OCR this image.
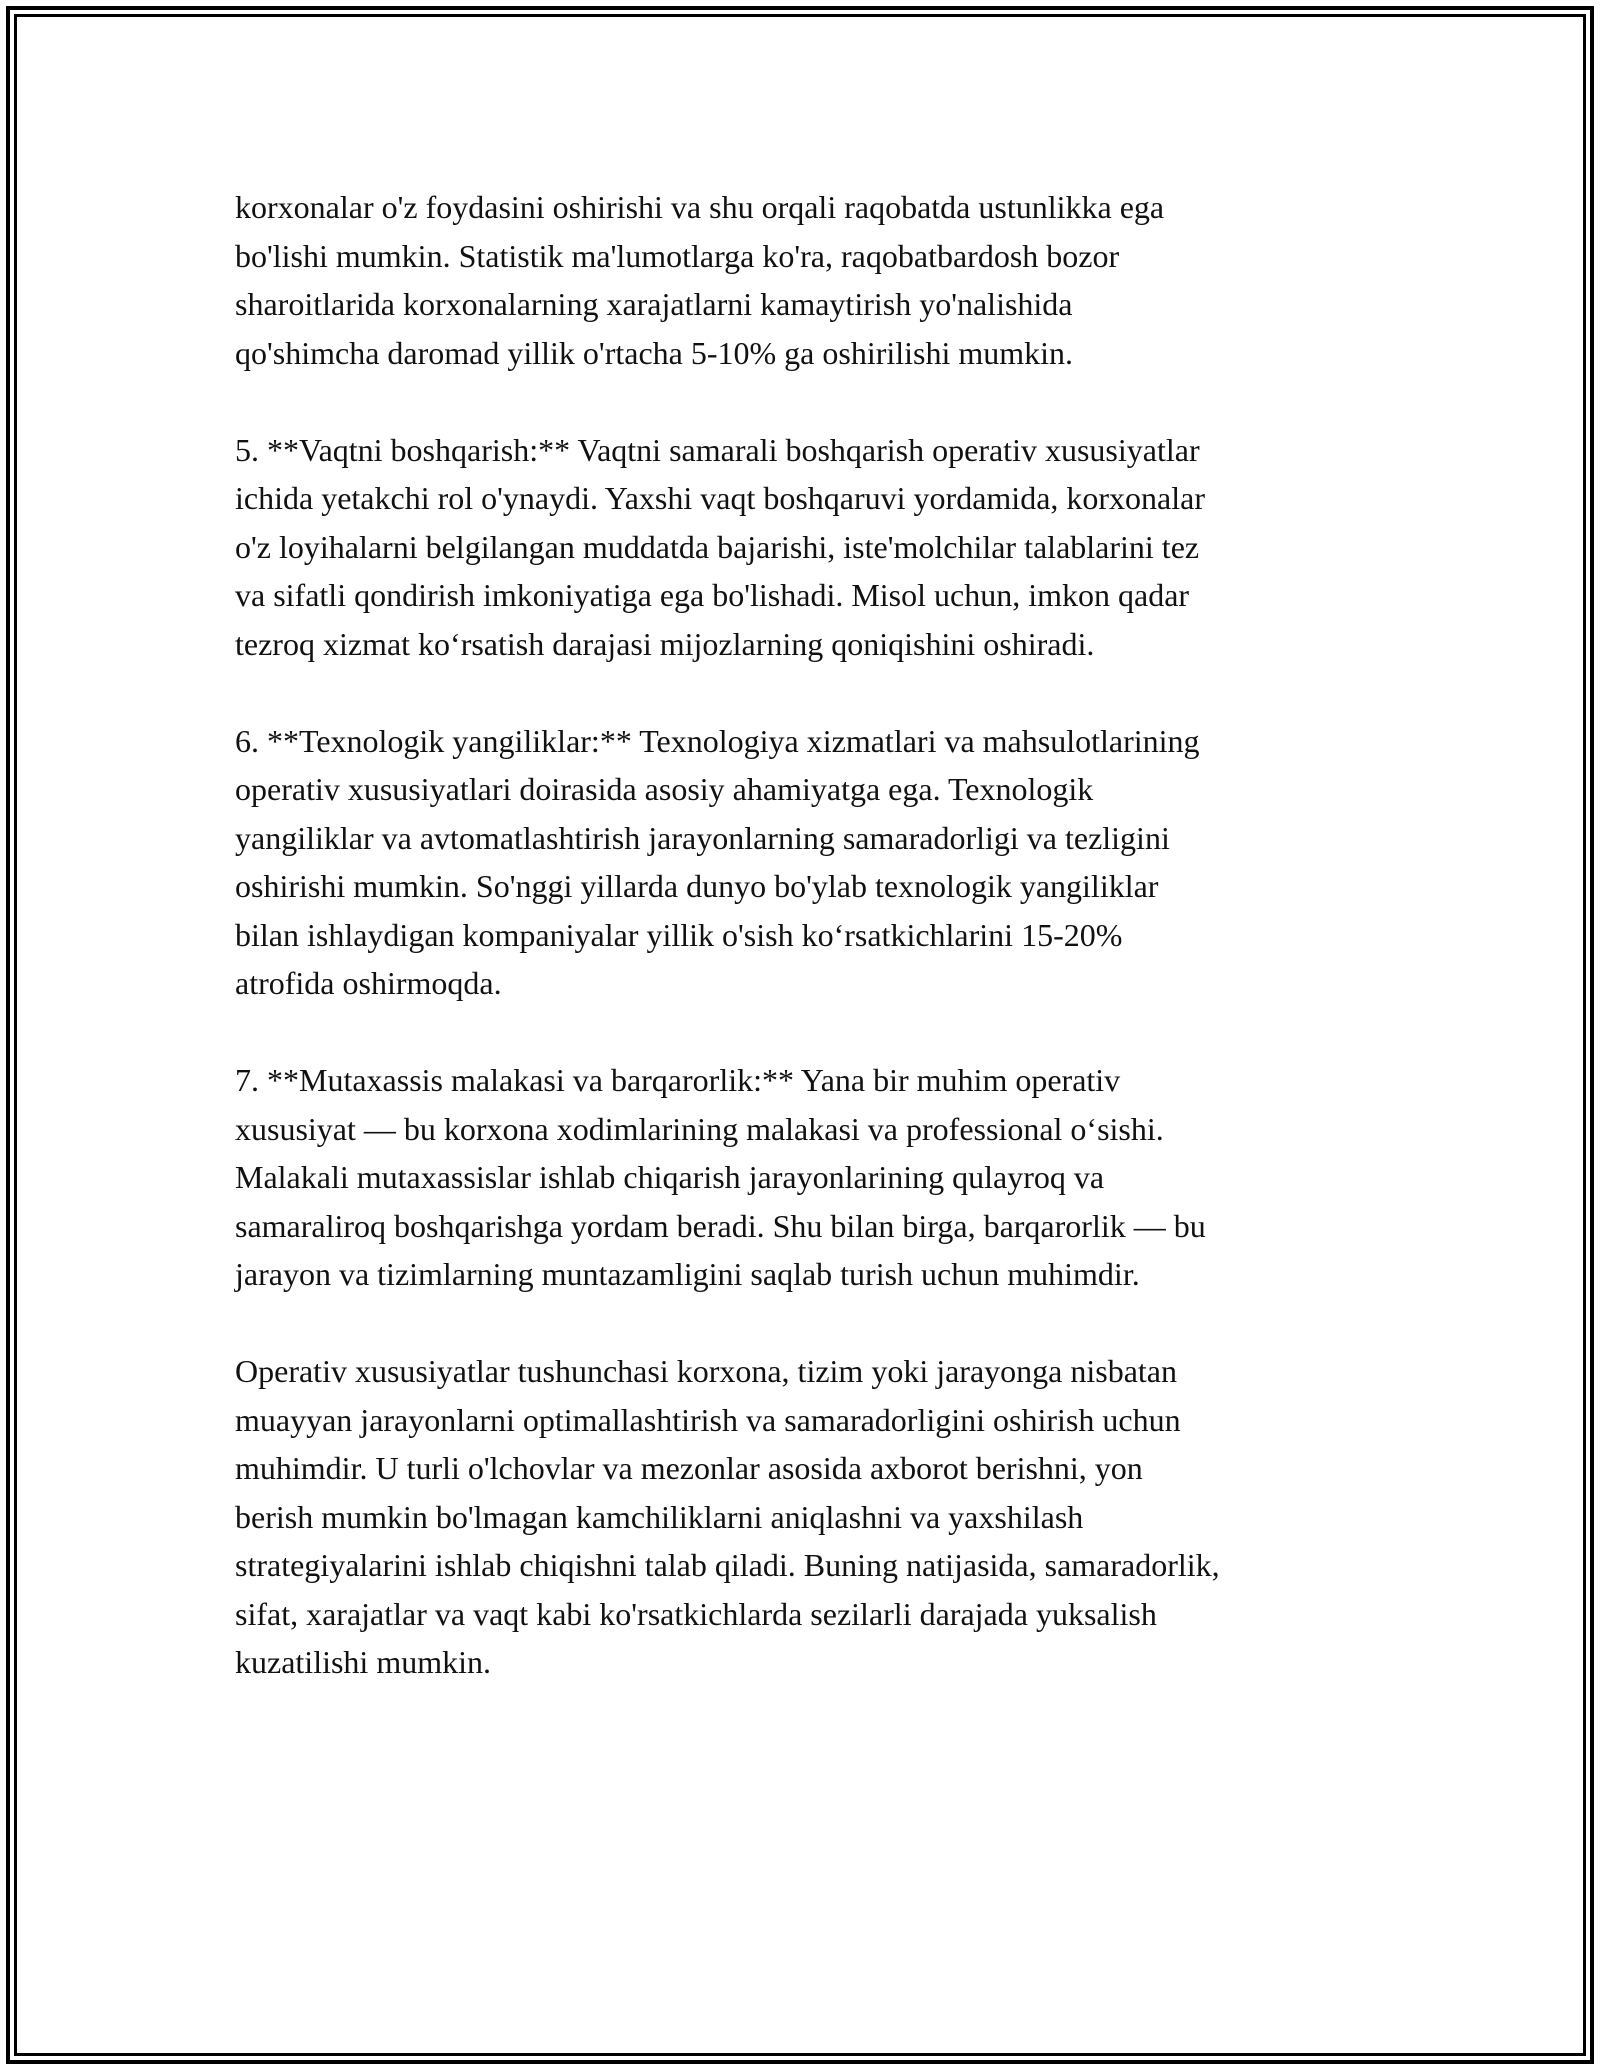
korxonalar o'z foydasini oshirishi va shu orqali raqobatda ustunlikka ega
bo'lishi mumkin. Statistik ma'lumotlarga ko'ra, raqobatbardosh bozor
sharoitlarida korxonalarning xarajatlarni kamaytirish yo'nalishida
qo'shimcha daromad yillik o'rtacha 5-10% ga oshirilishi mumkin.

5. **Vaqtni boshqarish:** Vaqtni samarali boshqarish operativ xususiyatlar
ichida yetakchi rol o'ynaydi. Yaxshi vaqt boshqaruvi yordamida, korxonalar
o'z loyihalarni belgilangan muddatda bajarishi, iste'molchilar talablarini tez
va sifatli qondirish imkoniyatiga ega bo'lishadi. Misol uchun, imkon qadar
tezroq xizmat ko‘rsatish darajasi mijozlarning qoniqishini oshiradi.

6. **Texnologik yangiliklar:** Texnologiya xizmatlari va mahsulotlarining
operativ xususiyatlari doirasida asosiy ahamiyatga ega. Texnologik
yangiliklar va avtomatlashtirish jarayonlarning samaradorligi va tezligini
oshirishi mumkin. So'nggi yillarda dunyo bo'ylab texnologik yangiliklar
bilan ishlaydigan kompaniyalar yillik o'sish ko‘rsatkichlarini 15-20%
atrofida oshirmoqda.

7. **Mutaxassis malakasi va barqarorlik:** Yana bir muhim operativ
xususiyat — bu korxona xodimlarining malakasi va professional o‘sishi.
Malakali mutaxassislar ishlab chiqarish jarayonlarining qulayroq va
samaraliroq boshqarishga yordam beradi. Shu bilan birga, barqarorlik — bu
jarayon va tizimlarning muntazamligini saqlab turish uchun muhimdir.

Operativ xususiyatlar tushunchasi korxona, tizim yoki jarayonga nisbatan
muayyan jarayonlarni optimallashtirish va samaradorligini oshirish uchun
muhimdir. U turli o'lchovlar va mezonlar asosida axborot berishni, yon
berish mumkin bo'lmagan kamchiliklarni aniqlashni va yaxshilash
strategiyalarini ishlab chiqishni talab qiladi. Buning natijasida, samaradorlik,
sifat, xarajatlar va vaqt kabi ko'rsatkichlarda sezilarli darajada yuksalish
kuzatilishi mumkin.
